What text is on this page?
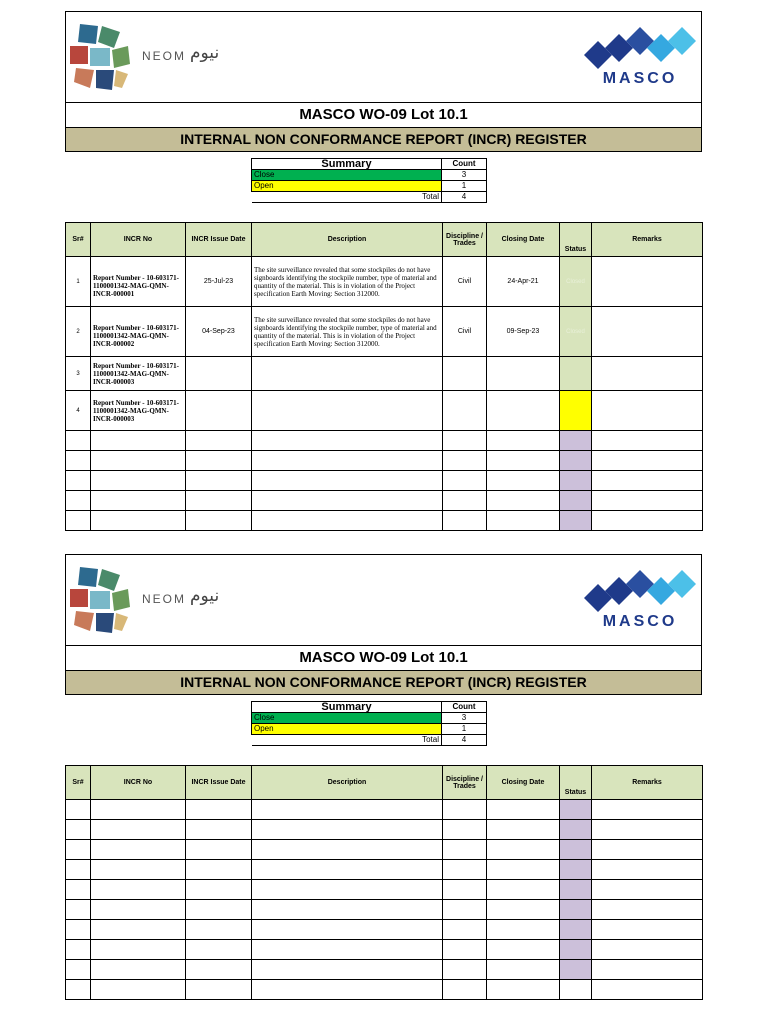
NEOM نيوم
MASCO
MASCO WO-09 Lot 10.1
INTERNAL NON CONFORMANCE REPORT (INCR) REGISTER
Summary	Count
Close	3
Open	1
Total	4
Sr#	INCR No	INCR Issue Date	Description	Discipline / Trades	Closing Date	Status	Remarks
1	Report Number - 10-603171-1100001342-MAG-QMN-INCR-000001	25-Jul-23	The site surveillance revealed that some stockpiles do not have signboards identifying the stockpile number, type of material and quantity of the material. This is in violation of the Project specification Earth Moving: Section 312000.	Civil	24-Apr-21	Closed	
2	Report Number - 10-603171-1100001342-MAG-QMN-INCR-000002	04-Sep-23	The site surveillance revealed that some stockpiles do not have signboards identifying the stockpile number, type of material and quantity of the material. This is in violation of the Project specification Earth Moving: Section 312000.	Civil	09-Sep-23	Closed	
3	Report Number - 10-603171-1100001342-MAG-QMN-INCR-000003						
4	Report Number - 10-603171-1100001342-MAG-QMN-INCR-000003						

NEOM نيوم
MASCO
MASCO WO-09 Lot 10.1
INTERNAL NON CONFORMANCE REPORT (INCR) REGISTER
Summary	Count
Close	3
Open	1
Total	4
Sr#	INCR No	INCR Issue Date	Description	Discipline / Trades	Closing Date	Status	Remarks
